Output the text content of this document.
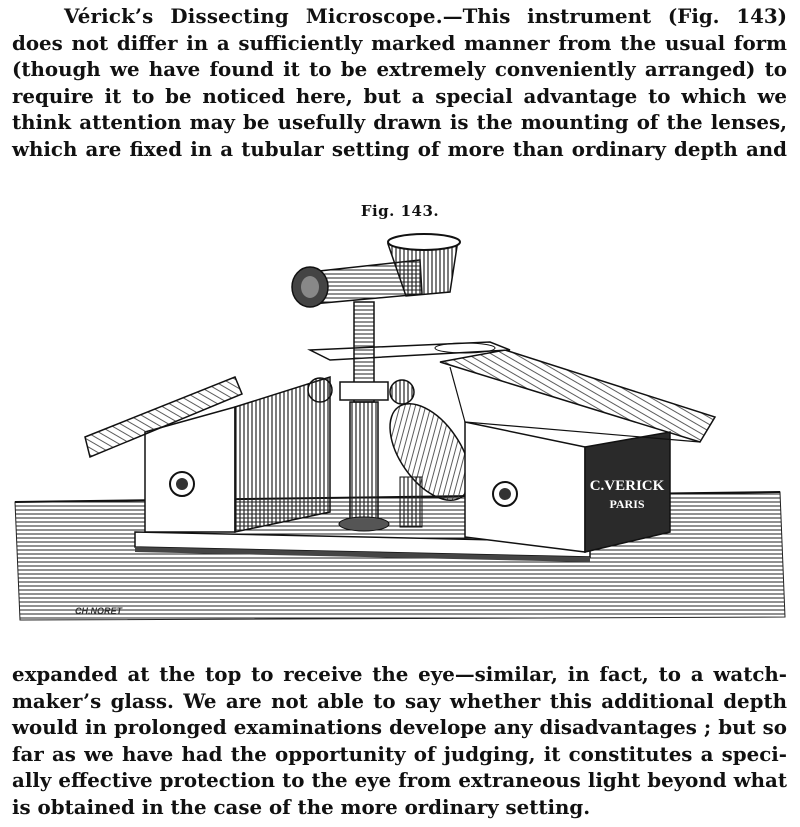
Vérick’s Dissecting Microscope.—This instrument (Fig. 143)
does not differ in a sufficiently marked manner from the usual form
(though we have found it to be extremely conveniently arranged) to
require it to be noticed here, but a special advantage to which we
think attention may be usefully drawn is the mounting of the lenses,
which are fixed in a tubular setting of more than ordinary depth and
Fig. 143.
C.VERICK
PARIS
CH.NORET
expanded at the top to receive the eye—similar, in fact, to a watch-
maker’s glass. We are not able to say whether this additional depth
would in prolonged examinations develope any disadvantages ; but so
far as we have had the opportunity of judging, it constitutes a speci-
ally effective protection to the eye from extraneous light beyond what
is obtained in the case of the more ordinary setting.
